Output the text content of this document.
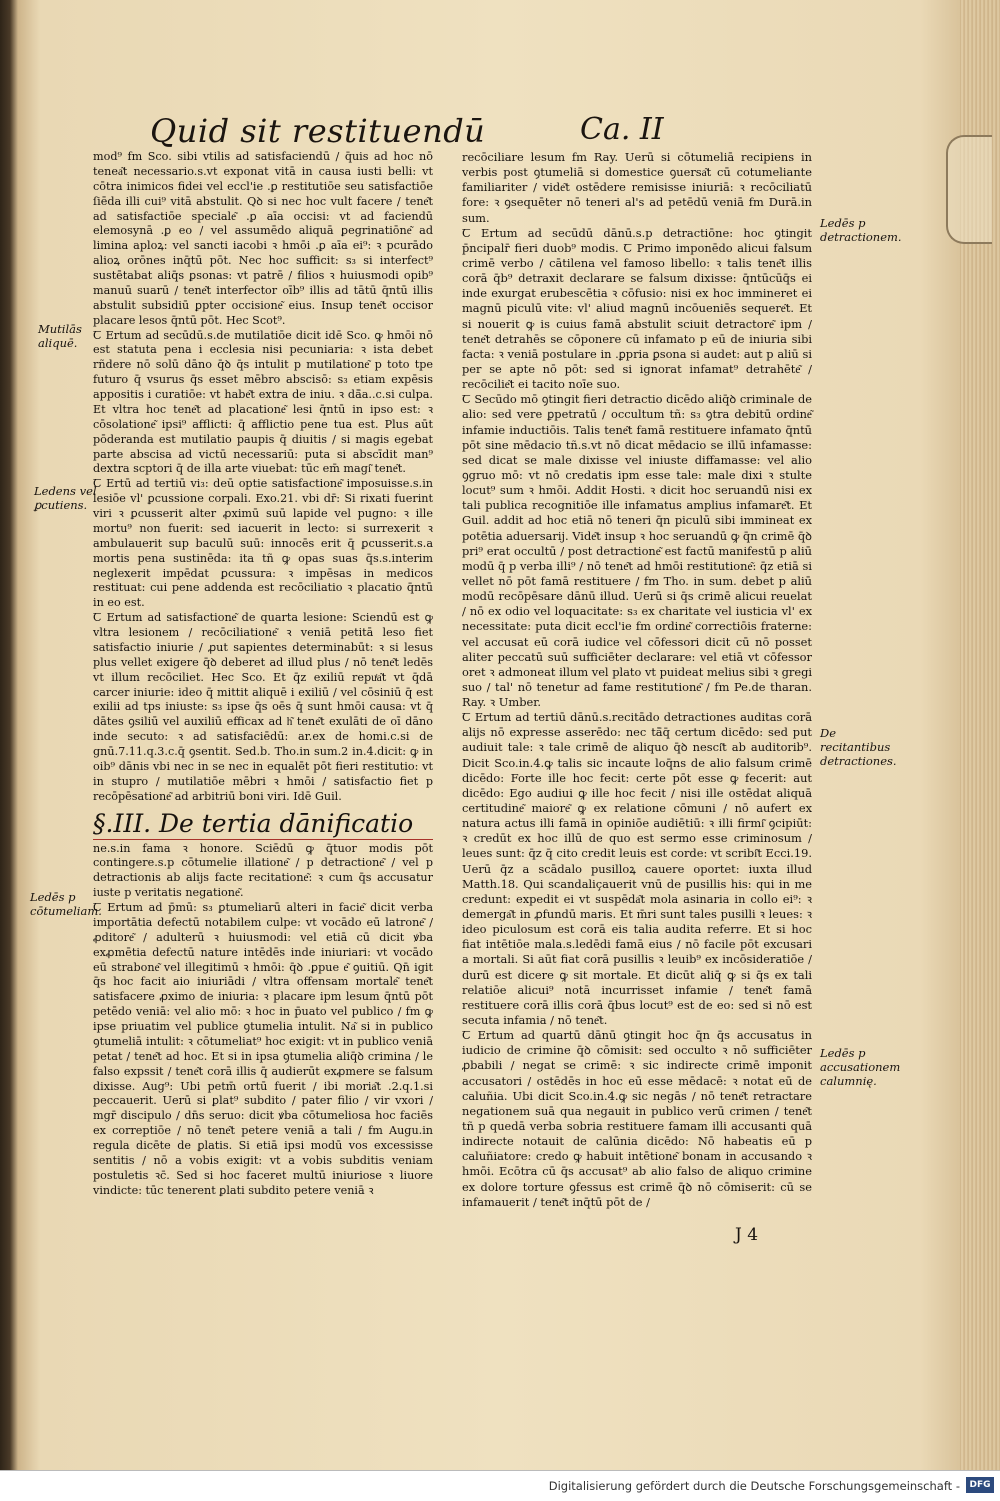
Quid sit restituendū	Ca. II

mod⁹ fm Sco. sibi vtilis ad satisfaciendū / q̄uis ad hoc nō tenea͂t necessario.s.vt exponat vitā in causa iusti belli: vt cōtra inimicos fidei vel eccl'ie .ꝑ restitutiōe seu satisfactiōe ſiēda illi cui⁹ vitā abstulit. Qꝺ si nec hoc vult facere / tene͂t ad satisfactiōe speciale͂ .ꝑ aīa occisi: vt ad faciendū elemosynā .ꝑ eo / vel assumēdo aliquā ꝑegrinatiōne͂ ad limina aploꝝ: vel sancti iacobi ꝛ hmōi .ꝑ aīa ei⁹: ꝛ pcurādo alioꝝ orōnes inq̄tū pōt. Nec hoc sufficit: s₃ si interfect⁹ sustētabat aliq̄s ꝑsonas: vt patrē / filios ꝛ huiusmodi opib⁹ manuū suarū / tene͂t interfector oīb⁹ illis ad tātū q̄ntū illis abstulit subsidiū ꝑpter occisione͂ eius. Insup tene͂t occisor placare lesos q̄ntū pōt. Hec Scot⁹.

Ꞇ Ertum ad secūdū.s.de mutilatiōe dicit idē Sco. ꝙ hmōi nō est statuta pena i ecclesia nisi pecuniaria: ꝛ ista debet rñdere nō solū dāno q̄ꝺ q̄s intulit p mutilatione͂ p toto tpe futuro q̄ vsurus q̄s esset mēbro abscisō: s₃ etiam expēsis appositis i curatiōe: vt habe͂t extra de iniu. ꝛ dā̄a..c.si culpa. Et vltra hoc tene͂t ad placatione͂ lesi q̄ntū in ipso est: ꝛ cōsolatione͂ ipsi⁹ afflicti: q̄ afflictio pene tua est. Plus aūt pōderanda est mutilatio paupis q̄ diuitis / si magis egebat parte abscisa ad victū necessariū: puta si abscīdit man⁹ dextra scptori q̄ de illa arte viuebat: tūc em̄ magi͂ tene͂t.

Ꞇ Ertū ad tertiū vi₃: deū optie satisfactione͂ imposuisse.s.in lesiōe vl' ꝑcussione corpali. Exo.21. vbi dr̄: Si rixati fuerint viri ꝛ ꝑcusserit alter ꝓximū suū lapide vel pugno: ꝛ ille mortu⁹ non fuerit: sed iacuerit in lecto: si surrexerit ꝛ ambulauerit sup baculū suū: innocēs erit q̄ ꝑcusserit.s.a mortis pena sustinēda: ita tñ ꝙ opas suas q̄s.s.interim neglexerit impēdat ꝑcussura: ꝛ impēsas in medicos restituat: cui pene addenda est recōciliatio ꝛ placatio q̄ntū in eo est.

Ꞇ Ertum ad satisfactione͂ de quarta lesione: Sciendū est ꝙ vltra lesionem / recōciliatione͂ ꝛ veniā petitā leso fiet satisfactio iniurie / ꝓut sapientes determinabūt: ꝛ si lesus plus vellet exigere q̄ꝺ deberet ad illud plus / nō tene͂t ledēs vt illum recōciliet. Hec Sco. Et q̄z exiliū repuͭa͂t vt q̄dā carcer iniurie: ideo q̄ mittit aliquē i exiliū / vel cōsiniū q̄ est exilii ad tps iniuste: s₃ ipse q̄s oēs q̄ sunt hmōi causa: vt q̄ dātes ꝯsiliū vel auxiliū efficax ad h͂ tene͂t exulāti de oī dāno inde secuto: ꝛ ad satisfaciēdū: ar.ex de homi.c.si de gnū.7.11.q.3.c.q̄ ꝯsentit. Sed.b. Tho.in sum.2 in.4.dicit: ꝙ in oib⁹ dānis vbi nec in se nec in equalēt pōt fieri restitutio: vt in stupro / mutilatiōe mēbri ꝛ hmōi / satisfactio fiet p recōpēsatione͂ ad arbitriū boni viri. Idē Guil.

§.III. De tertia dānificatio

ne.s.in fama ꝛ honore. Sciēdū ꝙ q̄tuor modis pōt contingere.s.p cōtumelie illatione͂ / p detractione͂ / vel p detractionis ab alijs facte recitatione͂: ꝛ cum q̄s accusatur iuste p veritatis negatione͂.

Ꞇ Ertum ad p̄mū: s₃ ꝑtumeliarū alteri in facie͂ dicit verba importātia defectū notabilem culpe: vt vocādo eū latrone͂ / ꝓditore͂ / adulterū ꝛ huiusmodi: vel etiā cū dicit ꝟba exꝓmētia defectū nature intēdēs inde iniuriari: vt vocādo eū strabone͂ vel illegitimū ꝛ hmōi: q̄ꝺ .ꝑpue e͂ ꝯuitiū. Qn̄ igit q̄s hoc facit aio iniuriādi / vltra offensam mortale͂ tene͂t satisfacere ꝓximo de iniuria: ꝛ placare ipm lesum q̄ntū pōt petēdo veniā: vel alio mō: ꝛ hoc in p̄uato vel publico / fm ꝙ ipse priuatim vel publice ꝯtumelia intulit. Na͂ si in publico ꝯtumeliā intulit: ꝛ cōtumeliat⁹ hoc exigit: vt in publico veniā petat / tene͂t ad hoc. Et si in ipsa ꝯtumelia aliq̄ꝺ crimina / le falso expssit / tene͂t corā illis q̄ audierūt exꝓmere se falsum dixisse. Aug⁹: Ubi petm̄ ortū fuerit / ibi moria͂t .2.q.1.si peccauerit. Uerū si ꝑlat⁹ subdito / pater filio / vir vxori / mgr̄ discipulo / dn̄s seruo: dicit ꝟba cōtumeliosa hoc faciēs ex correptiōe / nō tene͂t petere veniā a tali / fm Augu.in regula dicēte de ꝑlatis. Si etiā ipsi modū vos excessisse sentitis / nō a vobis exigit: vt a vobis subditis veniam postuletis ꝛc̄. Sed si hoc faceret multū iniuriose ꝛ liuore vindicte: tūc tenerent ꝑlati subdito petere veniā ꝛ

recōciliare lesum fm Ray. Uerū si cōtumeliā recipiens in verbis post ꝯtumeliā si domestice ꝯuersa͂t cū cotumeliante familiariter / vide͂t ostēdere remisisse iniuriā: ꝛ recōciliatū fore: ꝛ ꝯsequēter nō teneri al's ad petēdū veniā fm Durā.in sum.

Ꞇ Ertum ad secūdū dānū.s.p detractiōne: hoc ꝯtingit p̄ncipalr̄ fieri duob⁹ modis. Ꞇ Primo imponēdo alicui falsum crimē verbo / cātilena vel famoso libello: ꝛ talis tene͂t illis corā q̄b⁹ detraxit declarare se falsum dixisse: q̄ntūcūq̄s ei inde exurgat erubescētia ꝛ cōfusio: nisi ex hoc immineret ei magnū piculū vite: vl' aliud magnū incōueniēs sequere͂t. Et si nouerit ꝙ is cuius famā abstulit sciuit detractore͂ ipm / tene͂t detrahēs se cōponere cū infamato p eū de iniuria sibi facta: ꝛ veniā postulare in .ꝑpria ꝑsona si audet: aut p aliū si per se apte nō pōt: sed si ignorat infamat⁹ detrahēte͂ / recōcilie͂t ei tacito noīe suo.

Ꞇ Secūdo mō ꝯtingit fieri detractio dicēdo aliq̄ꝺ criminale de alio: sed vere ꝑpetratū / occultum tñ: s₃ ꝯtra debitū ordine͂ infamie inductiōis. Talis tene͂t famā restituere infamato q̄ntū pōt sine mēdacio tñ.s.vt nō dicat mēdacio se illū infamasse: sed dicat se male dixisse vel iniuste diffamasse: vel alio ꝯgruo mō: vt nō credatis ipm esse tale: male dixi ꝛ stulte locut⁹ sum ꝛ hmōi. Addit Hosti. ꝛ dicit hoc seruandū nisi ex tali publica recognitiōe ille infamatus amplius infamare͂t. Et Guil. addit ad hoc etiā nō teneri q̄n piculū sibi immineat ex potētia aduersarij. Vide͂t insup ꝛ hoc seruandū ꝙ q̄n crimē q̄ꝺ pri⁹ erat occultū / post detractione͂ est factū manifestū p aliū modū q̄ p verba illi⁹ / nō tene͂t ad hmōi restitutione͂: q̄z etiā si vellet nō pōt famā restituere / fm Tho. in sum. debet p aliū modū recōpēsare dānū illud. Uerū si q̄s crimē alicui reuelat / nō ex odio vel loquacitate: s₃ ex charitate vel iusticia vl' ex necessitate: puta dicit eccl'ie fm ordine͂ correctiōis fraterne: vel accusat eū corā iudice vel cōfessori dicit cū nō posset aliter peccatū suū sufficiēter declarare: vel etiā vt cōfessor oret ꝛ admoneat illum vel plato vt puideat melius sibi ꝛ gregi suo / tal' nō tenetur ad fame restitutione͂ / fm Pe.de tharan. Ray. ꝛ Umber.

Ꞇ Ertum ad tertiū dānū.s.recitādo detractiones auditas corā alijs nō expresse asserēdo: nec tā̄q̄ certum dicēdo: sed put audiuit tale: ꝛ tale crimē de aliquo q̄ꝺ nesci͂t ab auditorib⁹. Dicit Sco.in.4.ꝙ talis sic incaute loq̄ns de alio falsum crimē dicēdo: Forte ille hoc fecit: certe pōt esse ꝙ fecerit: aut dicēdo: Ego audiui ꝙ ille hoc fecit / nisi ille ostēdat aliquā certitudine͂ maiore͂ ꝙ ex relatione cōmuni / nō aufert ex natura actus illi famā in opiniōe audiētiū: ꝛ illi firmi͂ ꝯcipiūt: ꝛ credūt ex hoc illū de quo est sermo esse criminosum / leues sunt: q̄z q̄ cito credit leuis est corde: vt scribi͂t Ecci.19. Uerū q̄z a scādalo pusilloꝝ cauere oportet: iuxta illud Matth.18. Qui scandaliçauerit vnū de pusillis his: qui in me credunt: expedit ei vt suspēda͂t mola asinaria in collo ei⁹: ꝛ demerga͂t in ꝓfundū maris. Et m̄ri sunt tales pusilli ꝛ leues: ꝛ ideo piculosum est corā eis talia audita referre. Et si hoc fiat intētiōe mala.s.ledēdi famā eius / nō facile pōt excusari a mortali. Si aūt fiat corā pusillis ꝛ leuib⁹ ex incōsideratiōe / durū est dicere ꝙ sit mortale. Et dicūt aliq̄ ꝙ si q̄s ex tali relatiōe alicui⁹ notā incurrisset infamie / tene͂t famā restituere corā illis corā q̄bus locut⁹ est de eo: sed si nō est secuta infamia / nō tene͂t.

Ꞇ Ertum ad quartū dānū ꝯtingit hoc q̄n q̄s accusatus in iudicio de crimine q̄ꝺ cōmisit: sed occulto ꝛ nō sufficiēter ꝓbabili / negat se crimē: ꝛ sic indirecte crimē imponit accusatori / ostēdēs in hoc eū esse mēdacē: ꝛ notat eū de caluñia. Ubi dicit Sco.in.4.ꝙ sic negās / nō tene͂t retractare negationem suā qua negauit in publico verū crimen / tene͂t tñ p quedā verba sobria restituere famam illi accusanti quā indirecte notauit de calūnia dicēdo: Nō habeatis eū p caluñiatore: credo ꝙ habuit intētione͂ bonam in accusando ꝛ hmōi. Ecōtra cū q̄s accusat⁹ ab alio falso de aliquo crimine ex dolore torture ꝯfessus est crimē q̄ꝺ nō cōmiserit: cū se infamauerit / tene͂t inq̄tū pōt de /

Mutilās aliquē.
Ledens vel ꝑcutiens.
Ledēs p cōtumeliam.
Ledēs p detractionem.
De recitantibus detractiones.
Ledēs p accusationem calumnię.
J 4
Digitalisierung gefördert durch die Deutsche Forschungsgemeinschaft -	DFG
